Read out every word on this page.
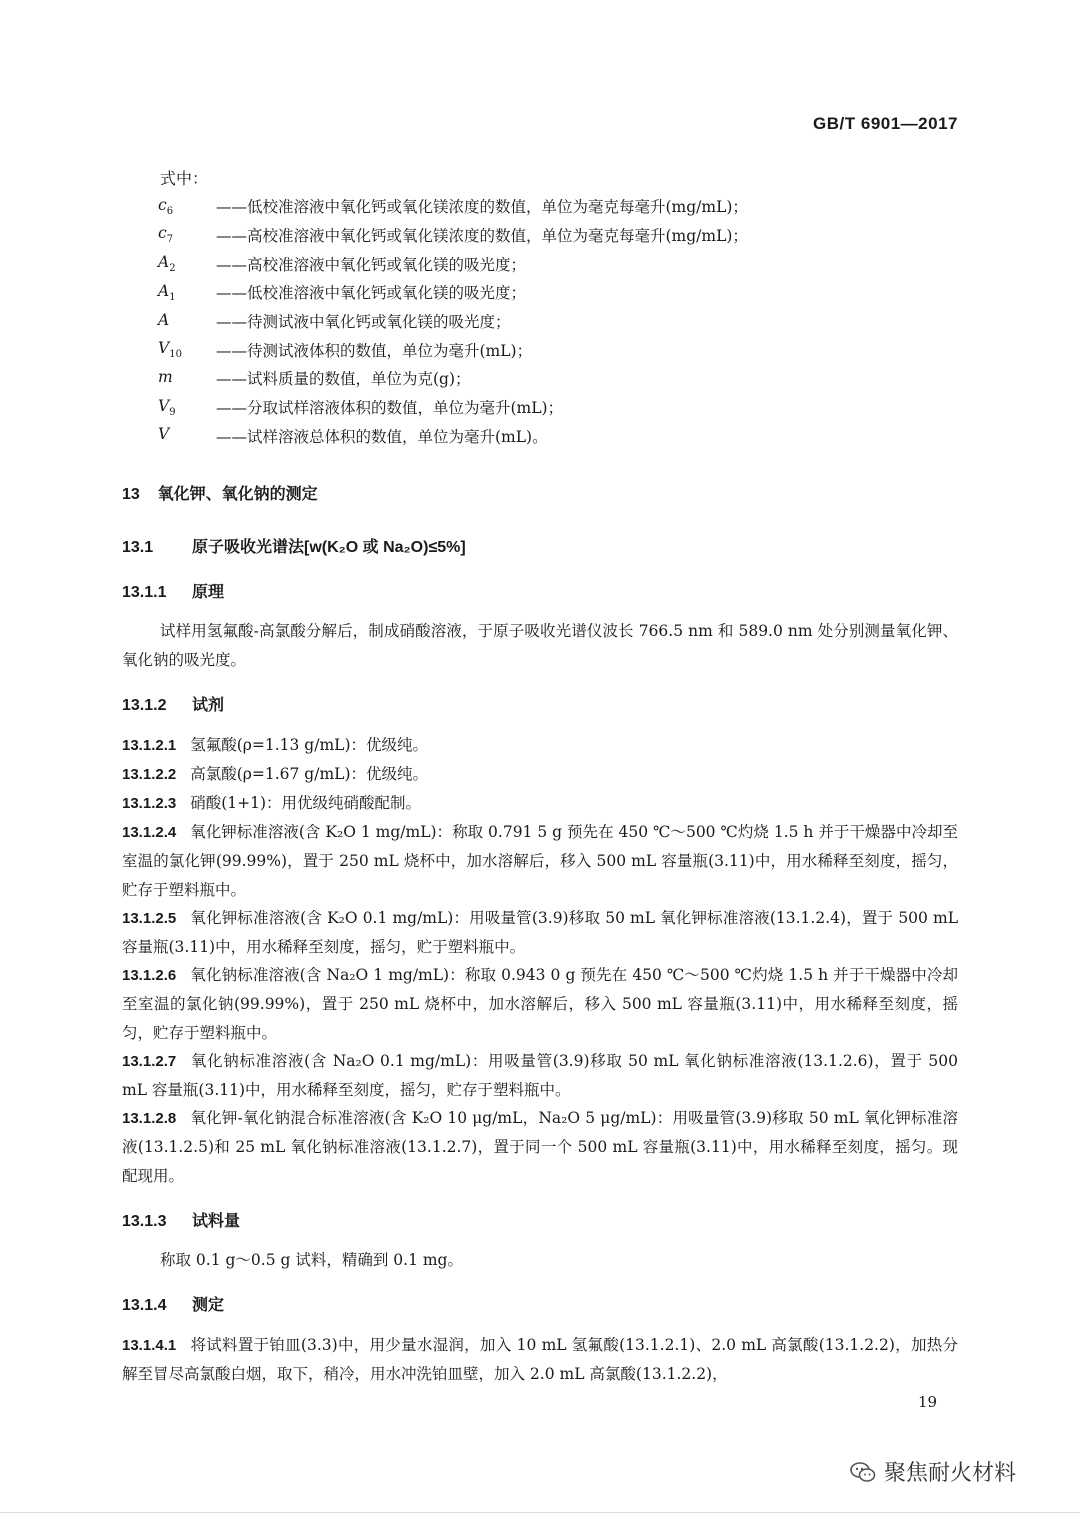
GB/T 6901—2017
式中：
$c_6$	——低校准溶液中氧化钙或氧化镁浓度的数值，单位为毫克每毫升(mg/mL)；
$c_7$	——高校准溶液中氧化钙或氧化镁浓度的数值，单位为毫克每毫升(mg/mL)；
$A_2$	——高校准溶液中氧化钙或氧化镁的吸光度；
$A_1$	——低校准溶液中氧化钙或氧化镁的吸光度；
A	——待测试液中氧化钙或氧化镁的吸光度；
$V_{10}$	——待测试液体积的数值，单位为毫升(mL)；
m	——试料质量的数值，单位为克(g)；
$V_9$	——分取试样溶液体积的数值，单位为毫升(mL)；
V	——试样溶液总体积的数值，单位为毫升(mL)。
13 氧化钾、氧化钠的测定
13.1 原子吸收光谱法[w(K₂O 或 Na₂O)≤5%]
13.1.1 原理
试样用氢氟酸-高氯酸分解后，制成硝酸溶液，于原子吸收光谱仪波长 766.5 nm 和 589.0 nm 处分别测量氧化钾、氧化钠的吸光度。
13.1.2 试剂
13.1.2.1 氢氟酸(ρ=1.13 g/mL)：优级纯。
13.1.2.2 高氯酸(ρ=1.67 g/mL)：优级纯。
13.1.2.3 硝酸(1+1)：用优级纯硝酸配制。
13.1.2.4 氧化钾标准溶液(含 K₂O 1 mg/mL)：称取 0.791 5 g 预先在 450 ℃～500 ℃灼烧 1.5 h 并于干燥器中冷却至室温的氯化钾(99.99%)，置于 250 mL 烧杯中，加水溶解后，移入 500 mL 容量瓶(3.11)中，用水稀释至刻度，摇匀，贮存于塑料瓶中。
13.1.2.5 氧化钾标准溶液(含 K₂O 0.1 mg/mL)：用吸量管(3.9)移取 50 mL 氧化钾标准溶液(13.1.2.4)，置于 500 mL 容量瓶(3.11)中，用水稀释至刻度，摇匀，贮于塑料瓶中。
13.1.2.6 氧化钠标准溶液(含 Na₂O 1 mg/mL)：称取 0.943 0 g 预先在 450 ℃～500 ℃灼烧 1.5 h 并于干燥器中冷却至室温的氯化钠(99.99%)，置于 250 mL 烧杯中，加水溶解后，移入 500 mL 容量瓶(3.11)中，用水稀释至刻度，摇匀，贮存于塑料瓶中。
13.1.2.7 氧化钠标准溶液(含 Na₂O 0.1 mg/mL)：用吸量管(3.9)移取 50 mL 氧化钠标准溶液(13.1.2.6)，置于 500 mL 容量瓶(3.11)中，用水稀释至刻度，摇匀，贮存于塑料瓶中。
13.1.2.8 氧化钾-氧化钠混合标准溶液(含 K₂O 10 μg/mL，Na₂O 5 μg/mL)：用吸量管(3.9)移取 50 mL 氧化钾标准溶液(13.1.2.5)和 25 mL 氧化钠标准溶液(13.1.2.7)，置于同一个 500 mL 容量瓶(3.11)中，用水稀释至刻度，摇匀。现配现用。
13.1.3 试料量
称取 0.1 g～0.5 g 试料，精确到 0.1 mg。
13.1.4 测定
13.1.4.1 将试料置于铂皿(3.3)中，用少量水湿润，加入 10 mL 氢氟酸(13.1.2.1)、2.0 mL 高氯酸(13.1.2.2)，加热分解至冒尽高氯酸白烟，取下，稍冷，用水冲洗铂皿壁，加入 2.0 mL 高氯酸(13.1.2.2)，
19
聚焦耐火材料
